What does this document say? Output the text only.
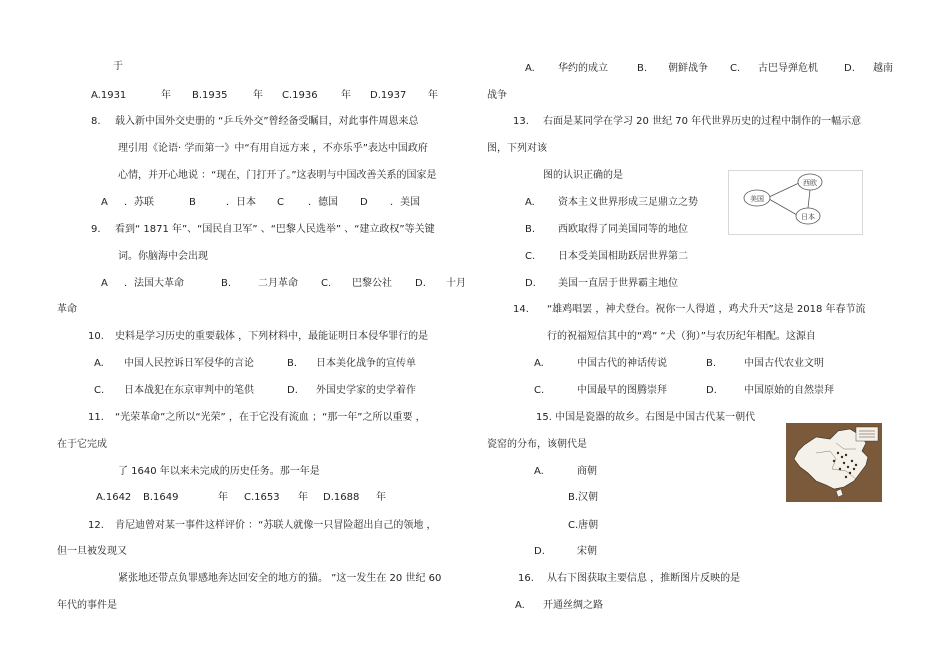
于
A.1931	年 B.1935	年 C.1936 年 D.1937 年
8. 载入新中国外交史册的 “乒乓外交”曾经备受瞩目，对此事件周恩来总
理引用《论语· 学而第一》中“有用自远方来 ，不亦乐乎”表达中国政府
心情，并开心地说 ：“现在，门打开了。”这表明与中国改善关系的国家是
A ．苏联	B	．日本 C ．德国 D ．美国
9. 看到“ 1871 年”、“国民自卫军” 、“巴黎人民选举” 、“建立政权”等关键
词。你脑海中会出现
A ．法国大革命	B.	二月革命 C. 巴黎公社 D. 十月
革命
10. 史料是学习历史的重要载体 ，下列材料中，最能证明日本侵华罪行的是
A. 中国人民控诉日军侵华的言论	B. 日本美化战争的宣传单
C. 日本战犯在东京审判中的笔供	D. 外国史学家的史学着作
11. “光荣革命”之所以“光荣” ，在于它没有流血 ；“那一年”之所以重要 ，
在于它完成
了 1640 年以来未完成的历史任务。那一年是
A.1642 B.1649	年 C.1653 年 D.1688 年
12. 肯尼迪曾对某一事件这样评价 ：“苏联人就像一只冒险超出自己的领地 ，
但一旦被发现又
紧张地还带点负罪感地奔达回安全的地方的猫。 ”这一发生在 20 世纪 60
年代的事件是
A. 华约的成立	B. 朝鲜战争 C. 古巴导弹危机	D. 越南
战争
13. 右面是某同学在学习 20 世纪 70 年代世界历史的过程中制作的一幅示意
图，下列对该
图的认识正确的是
A. 资本主义世界形成三足鼎立之势
B. 西欧取得了同美国同等的地位
C. 日本受美国相助跃居世界第二
D. 美国一直居于世界霸主地位
西欧
美国
日本
14. “雄鸡唱罢 ，神犬登台。祝你一人得道 ，鸡犬升天”这是 2018 年春节流
行的祝福短信其中的“鸡” “犬（狗）”与农历纪年相配。这源自
A.	中国古代的神话传说	B.	中国古代农业文明
C.	中国最早的图腾崇拜	D.	中国原始的自然崇拜
15. 中国是瓷器的故乡。右图是中国古代某一朝代
瓷窑的分布，该朝代是
A.	商朝
B.汉朝
C.唐朝
D.	宋朝
16. 从右下图获取主要信息 ，推断图片反映的是
A. 开通丝绸之路
